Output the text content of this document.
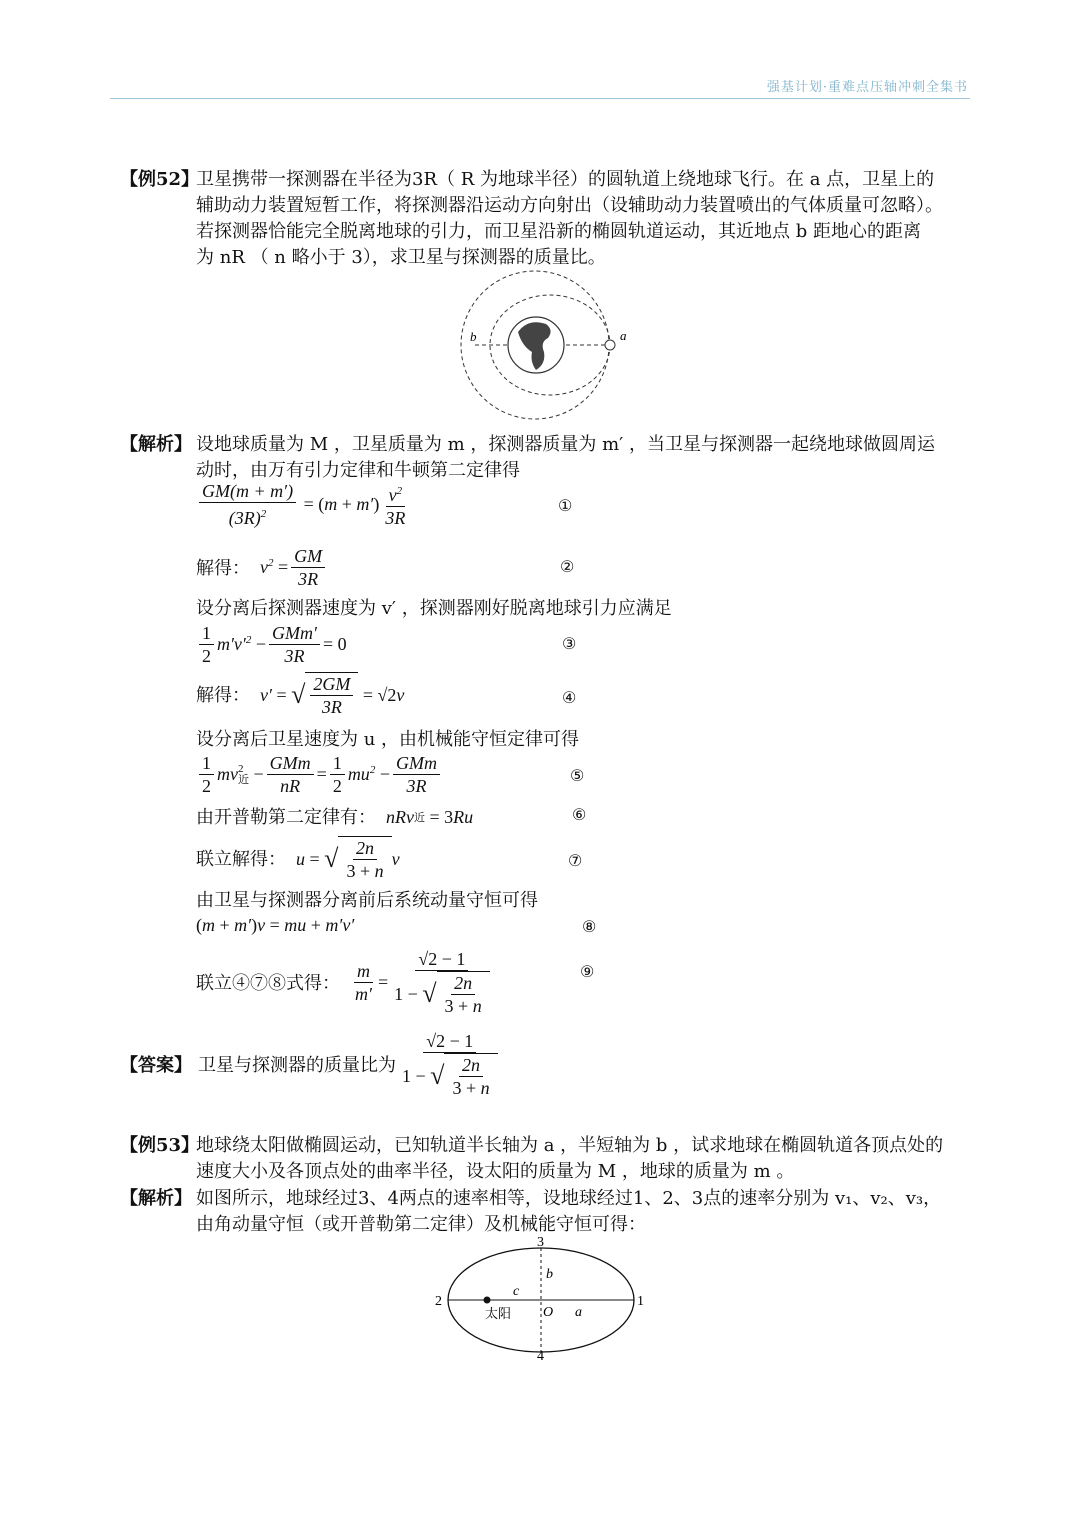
强基计划·重难点压轴冲刺全集书
【例52】
卫星携带一探测器在半径为3R（ R 为地球半径）的圆轨道上绕地球飞行。在 a 点，卫星上的
辅助动力装置短暂工作，将探测器沿运动方向射出（设辅助动力装置喷出的气体质量可忽略）。
若探测器恰能完全脱离地球的引力，而卫星沿新的椭圆轨道运动，其近地点 b 距地心的距离
为 nR （ n 略小于 3），求卫星与探测器的质量比。
b	a
【解析】 设地球质量为 M ，卫星质量为 m ，探测器质量为 m′ ，当卫星与探测器一起绕地球做圆周运
动时，由万有引力定律和牛顿第二定律得
$\frac{GM(m + m')}{(3R)^2} = (m + m') \frac{v^2}{3R}$	①
解得： $v^2 = \frac{GM}{3R}$	②
设分离后探测器速度为 v′ ，探测器刚好脱离地球引力应满足
$\frac{1}{2} m'v'^2 - \frac{\text{GMm′}}{3R} = 0$	③
解得： v′ = √ $\frac{2GM}{3R} = √2v$	④
设分离后卫星速度为 u ，由机械能守恒定律可得
$\frac{1}{2}$ mv 2
近 − $\frac{\text{GMm}}{nR} = \frac{1}{2} mu^2 - \frac{\text{GMm}}{3R}$	⑤
由开普勒第二定律有： nRv 近 = 3Ru	⑥
联立解得： u = √ $\frac{2n}{3 + n}$ v	⑦
由卫星与探测器分离前后系统动量守恒可得
(m + m′)v = mu + m′v′	⑧
联立④⑦⑧式得： $\frac{m}{m'} = \frac{√2 - 1}{1 - √ \frac{2n}{3 + n}}$	⑨
【答案】 卫星与探测器的质量比为 $\frac{√2 - 1}{1 - √ \frac{2n}{3 + n}}$
【例53】
地球绕太阳做椭圆运动，已知轨道半长轴为 a ，半短轴为 b ，试求地球在椭圆轨道各顶点处的
速度大小及各顶点处的曲率半径，设太阳的质量为 M ，地球的质量为 m 。
【解析】 如图所示，地球经过3、4两点的速率相等，设地球经过1、2、3点的速率分别为 v₁、v₂、v₃，
由角动量守恒（或开普勒第二定律）及机械能守恒可得：
3
4
2	1
b
c
O a
太阳
